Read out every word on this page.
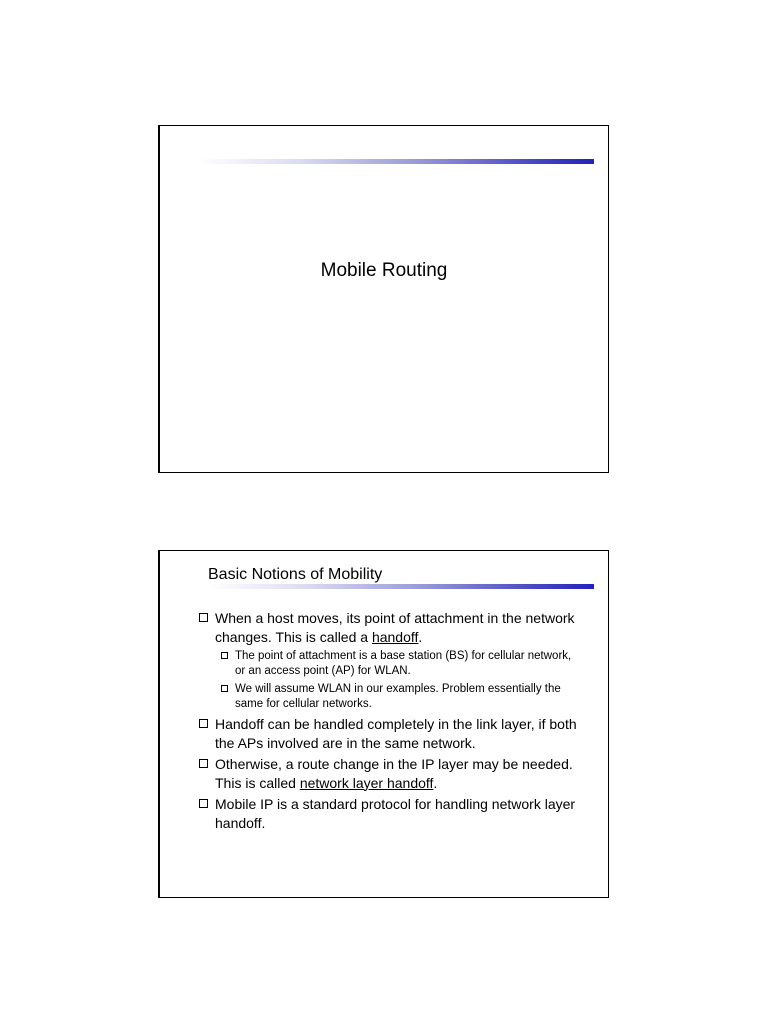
Mobile Routing
Basic Notions of Mobility
When a host moves, its point of attachment in the network changes. This is called a handoff.
The point of attachment is a base station (BS) for cellular network, or an access point (AP) for WLAN.
We will assume WLAN in our examples. Problem essentially the same for cellular networks.
Handoff can be handled completely in the link layer, if both the APs involved are in the same network.
Otherwise, a route change in the IP layer may be needed. This is called network layer handoff.
Mobile IP is a standard protocol for handling network layer handoff.
